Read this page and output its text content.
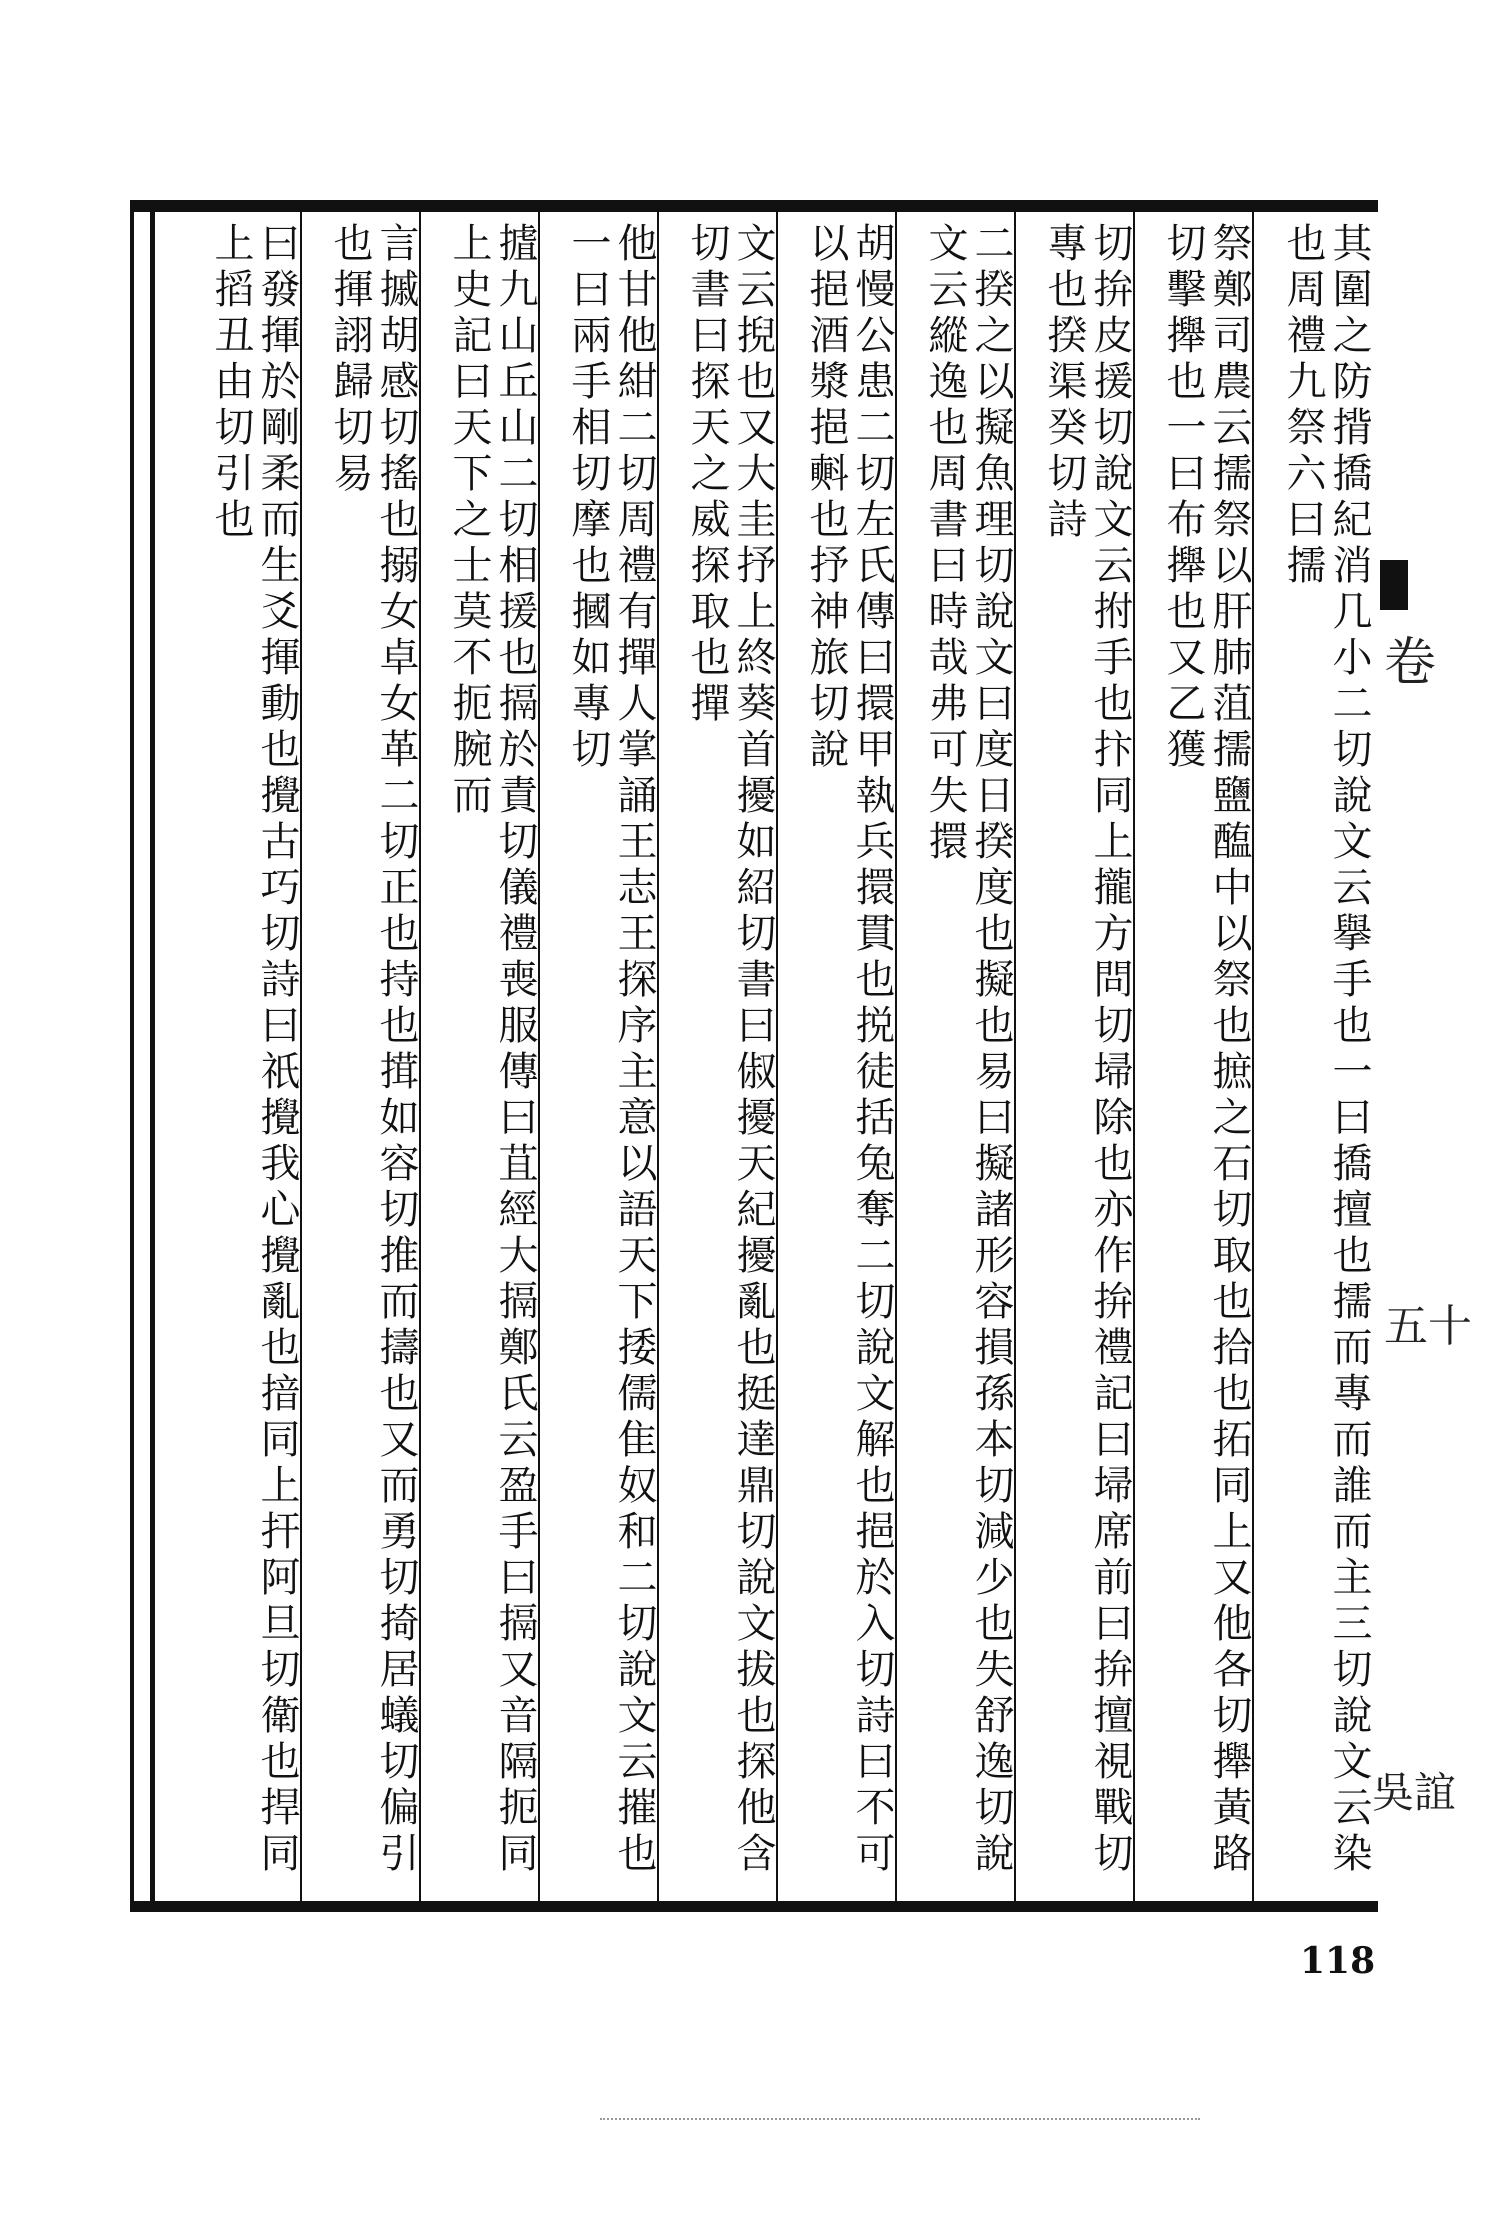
其圍之防揹撟紀消几小二切說文云擧手也一曰撟擅也擩而專而誰而主三切說文云染也周禮九祭六曰擩
祭鄭司農云擩祭以肝肺菹擩鹽醢中以祭也摭之石切取也拾也拓同上又他各切攑黃路切擊攑也一曰布攑也又乙獲
切拚皮援切說文云拊手也抃同上攏方問切埽除也亦作拚禮記曰埽席前曰拚擅視戰切專也揆渠癸切詩
二揆之以擬魚理切說文曰度日揆度也擬也易曰擬諸形容損孫本切減少也失舒逸切說文云縱逸也周書曰時哉弗可失擐
胡慢公患二切左氏傳曰擐甲執兵擐貫也捝徒括兔奪二切說文解也挹於入切詩曰不可以挹酒漿挹㪺也抒神旅切說
文云掜也又大圭抒上終葵首擾如紹切書曰俶擾天紀擾亂也挺達鼎切說文拔也探他含切書曰探天之威探取也撣
他甘他紺二切周禮有撣人掌誦王志王探序主意以語天下捼儒隹奴和二切說文云摧也一曰兩手相切摩也摑如專切
摣九山丘山二切相援也搹於責切儀禮喪服傳曰苴經大搹鄭氏云盈手曰搹又音隔扼同上史記曰天下之士莫不扼腕而
言摵胡感切搖也搦女卓女革二切正也持也搑如容切推而擣也又而勇切掎居蟻切偏引也揮詡歸切易
曰發揮於剛柔而生爻揮動也攪古巧切詩曰祇攪我心攪亂也揞同上扞阿旦切衛也捍同上搯丑由切引也
卷
五十
吳誼
118
